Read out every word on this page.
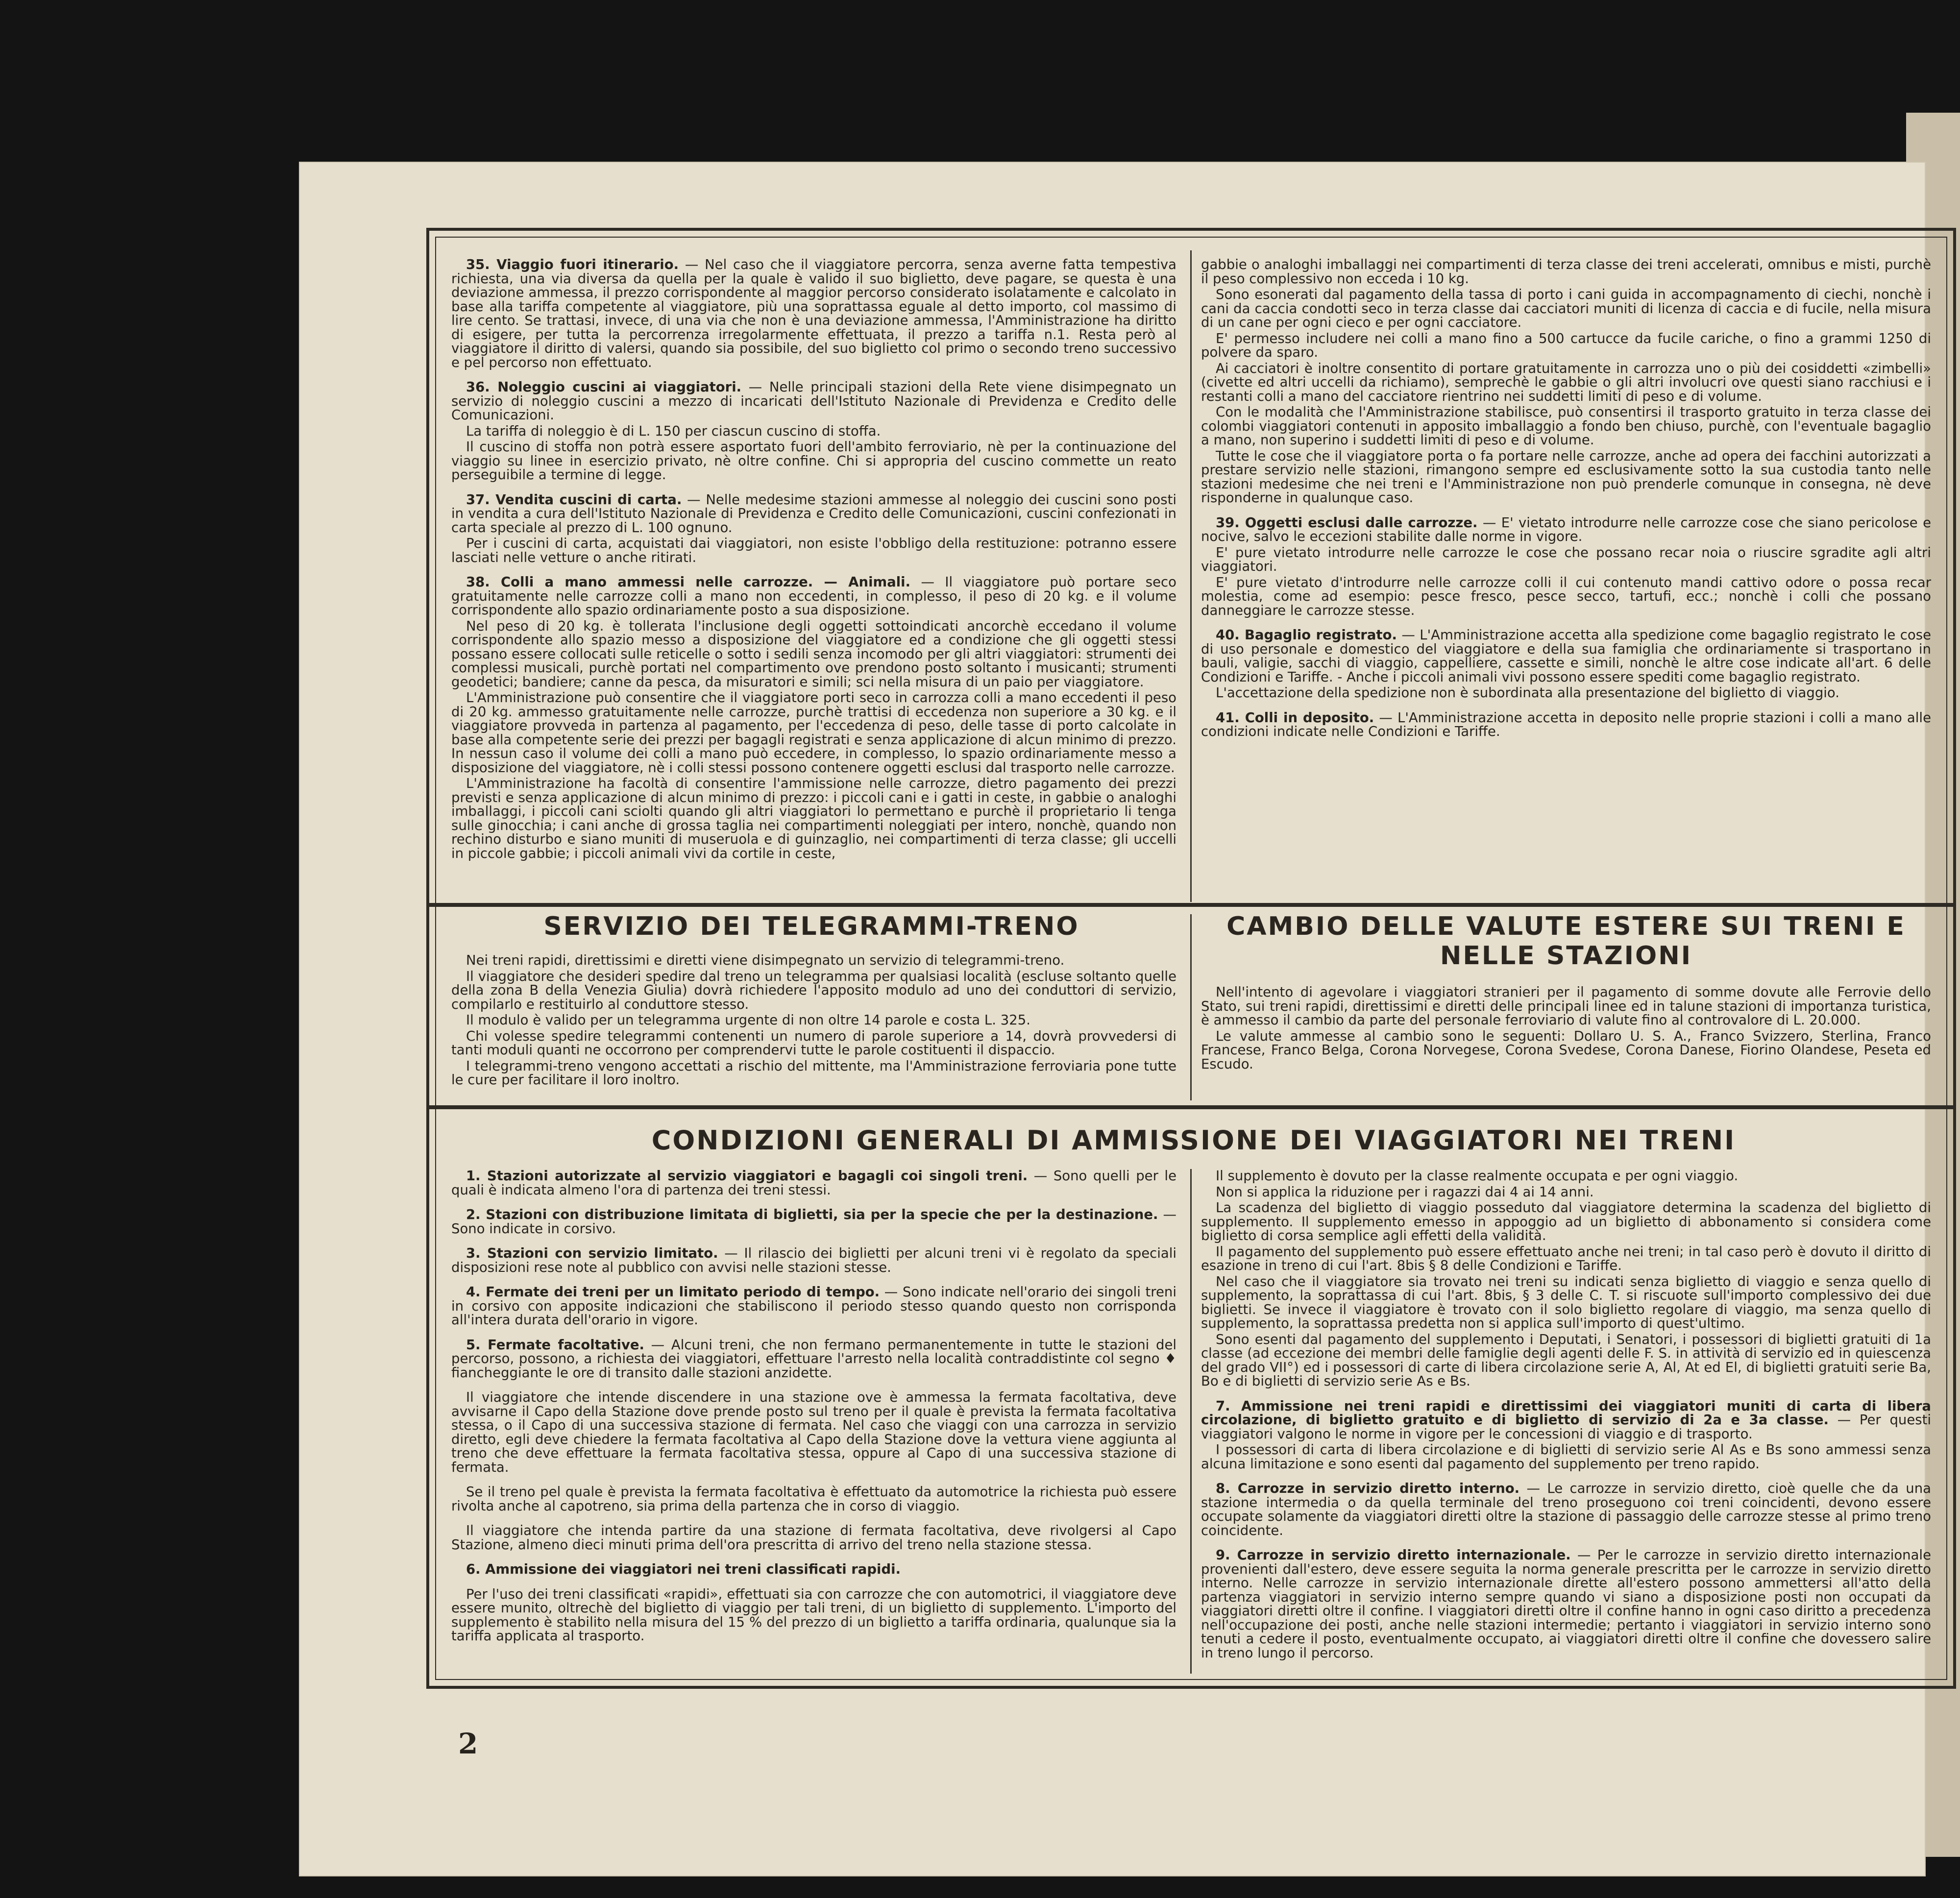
35. Viaggio fuori itinerario. — Nel caso che il viaggiatore percorra, senza averne fatta tempestiva richiesta, una via diversa da quella per la quale è valido il suo biglietto, deve pagare, se questa è una deviazione ammessa, il prezzo corrispondente al maggior percorso considerato isolatamente e calcolato in base alla tariffa competente al viaggiatore, più una soprattassa eguale al detto importo, col massimo di lire cento. Se trattasi, invece, di una via che non è una deviazione ammessa, l'Amministrazione ha diritto di esigere, per tutta la percorrenza irregolarmente effettuata, il prezzo a tariffa n.1. Resta però al viaggiatore il diritto di valersi, quando sia possibile, del suo biglietto col primo o secondo treno successivo e pel percorso non effettuato.

36. Noleggio cuscini ai viaggiatori. — Nelle principali stazioni della Rete viene disimpegnato un servizio di noleggio cuscini a mezzo di incaricati dell'Istituto Nazionale di Previdenza e Credito delle Comunicazioni.

La tariffa di noleggio è di L. 150 per ciascun cuscino di stoffa.

Il cuscino di stoffa non potrà essere asportato fuori dell'ambito ferroviario, nè per la continuazione del viaggio su linee in esercizio privato, nè oltre confine. Chi si appropria del cuscino commette un reato perseguibile a termine di legge.

37. Vendita cuscini di carta. — Nelle medesime stazioni ammesse al noleggio dei cuscini sono posti in vendita a cura dell'Istituto Nazionale di Previdenza e Credito delle Comunicazioni, cuscini confezionati in carta speciale al prezzo di L. 100 ognuno.

Per i cuscini di carta, acquistati dai viaggiatori, non esiste l'obbligo della restituzione: potranno essere lasciati nelle vetture o anche ritirati.

38. Colli a mano ammessi nelle carrozze. — Animali. — Il viaggiatore può portare seco gratuitamente nelle carrozze colli a mano non eccedenti, in complesso, il peso di 20 kg. e il volume corrispondente allo spazio ordinariamente posto a sua disposizione.

Nel peso di 20 kg. è tollerata l'inclusione degli oggetti sottoindicati ancorchè eccedano il volume corrispondente allo spazio messo a disposizione del viaggiatore ed a condizione che gli oggetti stessi possano essere collocati sulle reticelle o sotto i sedili senza incomodo per gli altri viaggiatori: strumenti dei complessi musicali, purchè portati nel compartimento ove prendono posto soltanto i musicanti; strumenti geodetici; bandiere; canne da pesca, da misuratori e simili; sci nella misura di un paio per viaggiatore.

L'Amministrazione può consentire che il viaggiatore porti seco in carrozza colli a mano eccedenti il peso di 20 kg. ammesso gratuitamente nelle carrozze, purchè trattisi di eccedenza non superiore a 30 kg. e il viaggiatore provveda in partenza al pagamento, per l'eccedenza di peso, delle tasse di porto calcolate in base alla competente serie dei prezzi per bagagli registrati e senza applicazione di alcun minimo di prezzo. In nessun caso il volume dei colli a mano può eccedere, in complesso, lo spazio ordinariamente messo a disposizione del viaggiatore, nè i colli stessi possono contenere oggetti esclusi dal trasporto nelle carrozze.

L'Amministrazione ha facoltà di consentire l'ammissione nelle carrozze, dietro pagamento dei prezzi previsti e senza applicazione di alcun minimo di prezzo: i piccoli cani e i gatti in ceste, in gabbie o analoghi imballaggi, i piccoli cani sciolti quando gli altri viaggiatori lo permettano e purchè il proprietario li tenga sulle ginocchia; i cani anche di grossa taglia nei compartimenti noleggiati per intero, nonchè, quando non rechino disturbo e siano muniti di museruola e di guinzaglio, nei compartimenti di terza classe; gli uccelli in piccole gabbie; i piccoli animali vivi da cortile in ceste,

gabbie o analoghi imballaggi nei compartimenti di terza classe dei treni accelerati, omnibus e misti, purchè il peso complessivo non ecceda i 10 kg.

Sono esonerati dal pagamento della tassa di porto i cani guida in accompagnamento di ciechi, nonchè i cani da caccia condotti seco in terza classe dai cacciatori muniti di licenza di caccia e di fucile, nella misura di un cane per ogni cieco e per ogni cacciatore.

E' permesso includere nei colli a mano fino a 500 cartucce da fucile cariche, o fino a grammi 1250 di polvere da sparo.

Ai cacciatori è inoltre consentito di portare gratuitamente in carrozza uno o più dei cosiddetti «zimbelli» (civette ed altri uccelli da richiamo), semprechè le gabbie o gli altri involucri ove questi siano racchiusi e i restanti colli a mano del cacciatore rientrino nei suddetti limiti di peso e di volume.

Con le modalità che l'Amministrazione stabilisce, può consentirsi il trasporto gratuito in terza classe dei colombi viaggiatori contenuti in apposito imballaggio a fondo ben chiuso, purchè, con l'eventuale bagaglio a mano, non superino i suddetti limiti di peso e di volume.

Tutte le cose che il viaggiatore porta o fa portare nelle carrozze, anche ad opera dei facchini autorizzati a prestare servizio nelle stazioni, rimangono sempre ed esclusivamente sotto la sua custodia tanto nelle stazioni medesime che nei treni e l'Amministrazione non può prenderle comunque in consegna, nè deve risponderne in qualunque caso.

39. Oggetti esclusi dalle carrozze. — E' vietato introdurre nelle carrozze cose che siano pericolose e nocive, salvo le eccezioni stabilite dalle norme in vigore.

E' pure vietato introdurre nelle carrozze le cose che possano recar noia o riuscire sgradite agli altri viaggiatori.

E' pure vietato d'introdurre nelle carrozze colli il cui contenuto mandi cattivo odore o possa recar molestia, come ad esempio: pesce fresco, pesce secco, tartufi, ecc.; nonchè i colli che possano danneggiare le carrozze stesse.

40. Bagaglio registrato. — L'Amministrazione accetta alla spedizione come bagaglio registrato le cose di uso personale e domestico del viaggiatore e della sua famiglia che ordinariamente si trasportano in bauli, valigie, sacchi di viaggio, cappelliere, cassette e simili, nonchè le altre cose indicate all'art. 6 delle Condizioni e Tariffe. - Anche i piccoli animali vivi possono essere spediti come bagaglio registrato.

L'accettazione della spedizione non è subordinata alla presentazione del biglietto di viaggio.

41. Colli in deposito. — L'Amministrazione accetta in deposito nelle proprie stazioni i colli a mano alle condizioni indicate nelle Condizioni e Tariffe.

SERVIZIO DEI TELEGRAMMI-TRENO

Nei treni rapidi, direttissimi e diretti viene disimpegnato un servizio di telegrammi-treno.

Il viaggiatore che desideri spedire dal treno un telegramma per qualsiasi località (escluse soltanto quelle della zona B della Venezia Giulia) dovrà richiedere l'apposito modulo ad uno dei conduttori di servizio, compilarlo e restituirlo al conduttore stesso.

Il modulo è valido per un telegramma urgente di non oltre 14 parole e costa L. 325.

Chi volesse spedire telegrammi contenenti un numero di parole superiore a 14, dovrà provvedersi di tanti moduli quanti ne occorrono per comprendervi tutte le parole costituenti il dispaccio.

I telegrammi-treno vengono accettati a rischio del mittente, ma l'Amministrazione ferroviaria pone tutte le cure per facilitare il loro inoltro.

CAMBIO DELLE VALUTE ESTERE SUI TRENI E NELLE STAZIONI

Nell'intento di agevolare i viaggiatori stranieri per il pagamento di somme dovute alle Ferrovie dello Stato, sui treni rapidi, direttissimi e diretti delle principali linee ed in talune stazioni di importanza turistica, è ammesso il cambio da parte del personale ferroviario di valute fino al controvalore di L. 20.000.

Le valute ammesse al cambio sono le seguenti: Dollaro U. S. A., Franco Svizzero, Sterlina, Franco Francese, Franco Belga, Corona Norvegese, Corona Svedese, Corona Danese, Fiorino Olandese, Peseta ed Escudo.

CONDIZIONI GENERALI DI AMMISSIONE DEI VIAGGIATORI NEI TRENI

1. Stazioni autorizzate al servizio viaggiatori e bagagli coi singoli treni. — Sono quelli per le quali è indicata almeno l'ora di partenza dei treni stessi.

2. Stazioni con distribuzione limitata di biglietti, sia per la specie che per la destinazione. — Sono indicate in corsivo.

3. Stazioni con servizio limitato. — Il rilascio dei biglietti per alcuni treni vi è regolato da speciali disposizioni rese note al pubblico con avvisi nelle stazioni stesse.

4. Fermate dei treni per un limitato periodo di tempo. — Sono indicate nell'orario dei singoli treni in corsivo con apposite indicazioni che stabiliscono il periodo stesso quando questo non corrisponda all'intera durata dell'orario in vigore.

5. Fermate facoltative. — Alcuni treni, che non fermano permanentemente in tutte le stazioni del percorso, possono, a richiesta dei viaggiatori, effettuare l'arresto nella località contraddistinte col segno ♦ fiancheggiante le ore di transito dalle stazioni anzidette.

Il viaggiatore che intende discendere in una stazione ove è ammessa la fermata facoltativa, deve avvisarne il Capo della Stazione dove prende posto sul treno per il quale è prevista la fermata facoltativa stessa, o il Capo di una successiva stazione di fermata. Nel caso che viaggi con una carrozza in servizio diretto, egli deve chiedere la fermata facoltativa al Capo della Stazione dove la vettura viene aggiunta al treno che deve effettuare la fermata facoltativa stessa, oppure al Capo di una successiva stazione di fermata.

Se il treno pel quale è prevista la fermata facoltativa è effettuato da automotrice la richiesta può essere rivolta anche al capotreno, sia prima della partenza che in corso di viaggio.

Il viaggiatore che intenda partire da una stazione di fermata facoltativa, deve rivolgersi al Capo Stazione, almeno dieci minuti prima dell'ora prescritta di arrivo del treno nella stazione stessa.

6. Ammissione dei viaggiatori nei treni classificati rapidi.

Per l'uso dei treni classificati «rapidi», effettuati sia con carrozze che con automotrici, il viaggiatore deve essere munito, oltrechè del biglietto di viaggio per tali treni, di un biglietto di supplemento. L'importo del supplemento è stabilito nella misura del 15 % del prezzo di un biglietto a tariffa ordinaria, qualunque sia la tariffa applicata al trasporto.

Il supplemento è dovuto per la classe realmente occupata e per ogni viaggio.

Non si applica la riduzione per i ragazzi dai 4 ai 14 anni.

La scadenza del biglietto di viaggio posseduto dal viaggiatore determina la scadenza del biglietto di supplemento. Il supplemento emesso in appoggio ad un biglietto di abbonamento si considera come biglietto di corsa semplice agli effetti della validità.

Il pagamento del supplemento può essere effettuato anche nei treni; in tal caso però è dovuto il diritto di esazione in treno di cui l'art. 8bis § 8 delle Condizioni e Tariffe.

Nel caso che il viaggiatore sia trovato nei treni su indicati senza biglietto di viaggio e senza quello di supplemento, la soprattassa di cui l'art. 8bis, § 3 delle C. T. si riscuote sull'importo complessivo dei due biglietti. Se invece il viaggiatore è trovato con il solo biglietto regolare di viaggio, ma senza quello di supplemento, la soprattassa predetta non si applica sull'importo di quest'ultimo.

Sono esenti dal pagamento del supplemento i Deputati, i Senatori, i possessori di biglietti gratuiti di 1a classe (ad eccezione dei membri delle famiglie degli agenti delle F. S. in attività di servizio ed in quiescenza del grado VII°) ed i possessori di carte di libera circolazione serie A, Al, At ed El, di biglietti gratuiti serie Ba, Bo e di biglietti di servizio serie As e Bs.

7. Ammissione nei treni rapidi e direttissimi dei viaggiatori muniti di carta di libera circolazione, di biglietto gratuito e di biglietto di servizio di 2a e 3a classe. — Per questi viaggiatori valgono le norme in vigore per le concessioni di viaggio e di trasporto.

I possessori di carta di libera circolazione e di biglietti di servizio serie Al As e Bs sono ammessi senza alcuna limitazione e sono esenti dal pagamento del supplemento per treno rapido.

8. Carrozze in servizio diretto interno. — Le carrozze in servizio diretto, cioè quelle che da una stazione intermedia o da quella terminale del treno proseguono coi treni coincidenti, devono essere occupate solamente da viaggiatori diretti oltre la stazione di passaggio delle carrozze stesse al primo treno coincidente.

9. Carrozze in servizio diretto internazionale. — Per le carrozze in servizio diretto internazionale provenienti dall'estero, deve essere seguita la norma generale prescritta per le carrozze in servizio diretto interno. Nelle carrozze in servizio internazionale dirette all'estero possono ammettersi all'atto della partenza viaggiatori in servizio interno sempre quando vi siano a disposizione posti non occupati da viaggiatori diretti oltre il confine. I viaggiatori diretti oltre il confine hanno in ogni caso diritto a precedenza nell'occupazione dei posti, anche nelle stazioni intermedie; pertanto i viaggiatori in servizio interno sono tenuti a cedere il posto, eventualmente occupato, ai viaggiatori diretti oltre il confine che dovessero salire in treno lungo il percorso.

2
